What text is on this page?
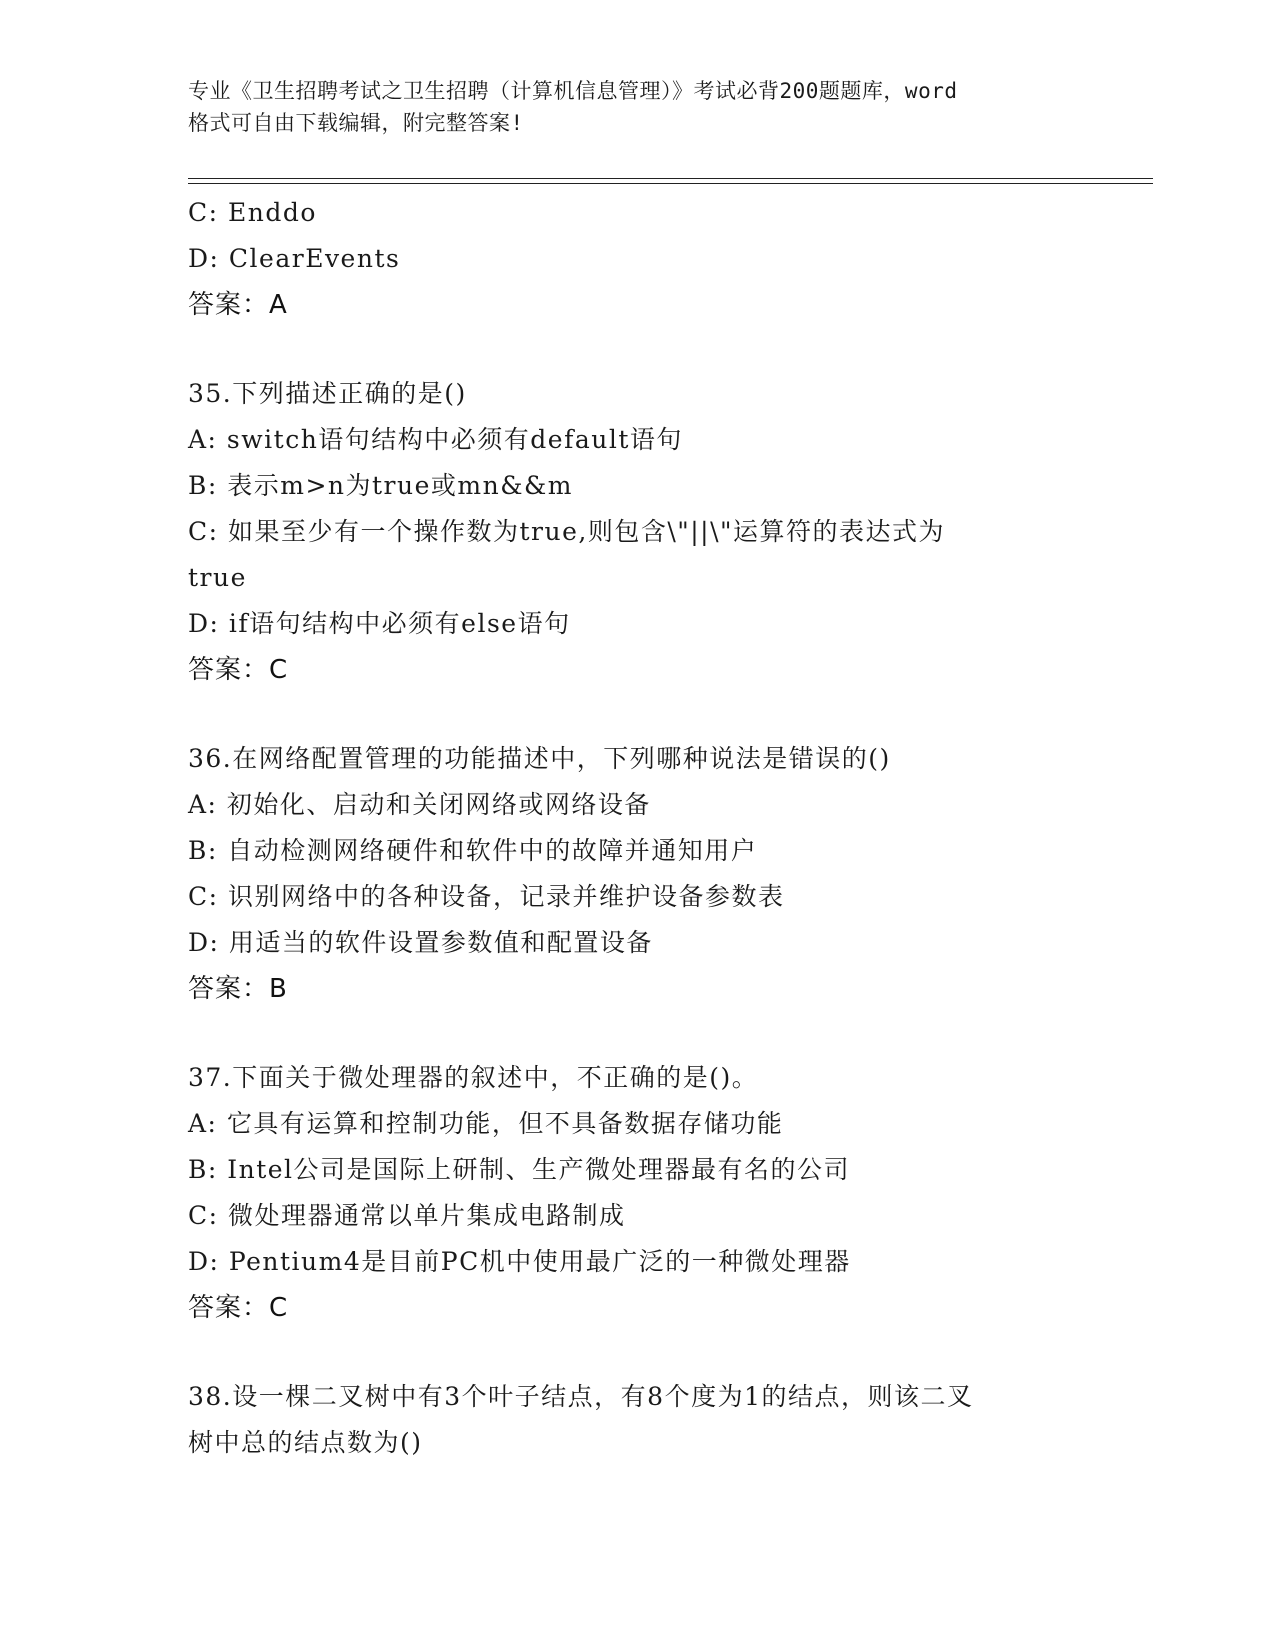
专业《卫生招聘考试之卫生招聘（计算机信息管理）》考试必背200题题库，word
格式可自由下载编辑，附完整答案!
C: Enddo
D: ClearEvents
答案：A
35.下列描述正确的是()
A: switch语句结构中必须有default语句
B: 表示m>n为true或mn&&m
C: 如果至少有一个操作数为true,则包含\"||\"运算符的表达式为
true
D: if语句结构中必须有else语句
答案：C
36.在网络配置管理的功能描述中，下列哪种说法是错误的()
A: 初始化、启动和关闭网络或网络设备
B: 自动检测网络硬件和软件中的故障并通知用户
C: 识别网络中的各种设备，记录并维护设备参数表
D: 用适当的软件设置参数值和配置设备
答案：B
37.下面关于微处理器的叙述中，不正确的是()。
A: 它具有运算和控制功能，但不具备数据存储功能
B: Intel公司是国际上研制、生产微处理器最有名的公司
C: 微处理器通常以单片集成电路制成
D: Pentium4是目前PC机中使用最广泛的一种微处理器
答案：C
38.设一棵二叉树中有3个叶子结点，有8个度为1的结点，则该二叉
树中总的结点数为()
